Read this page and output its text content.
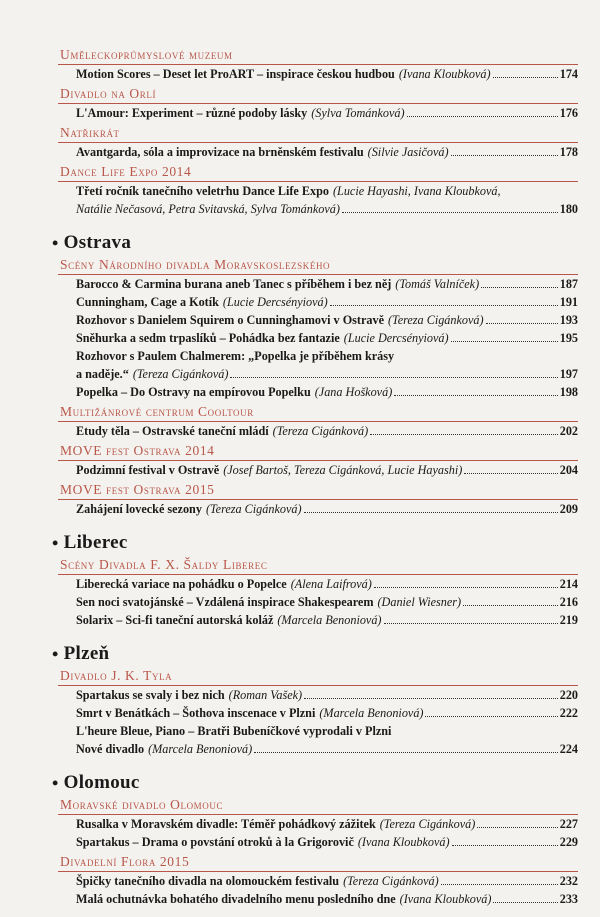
Uměleckoprůmyslové muzeum
Motion Scores – Deset let ProART – inspirace českou hudbou (Ivana Kloubková)	174
Divadlo na Orlí
L'Amour: Experiment – různé podoby lásky (Sylva Tománková)	176
Natřikrát
Avantgarda, sóla a improvizace na brněnském festivalu (Silvie Jasičová)	178
Dance Life Expo 2014
Třetí ročník tanečního veletrhu Dance Life Expo (Lucie Hayashi, Ivana Kloubková,
Natálie Nečasová, Petra Svitavská, Sylva Tománková)	180
• Ostrava
Scény Národního divadla Moravskoslezského
Barocco & Carmina burana aneb Tanec s příběhem i bez něj (Tomáš Valníček)	187
Cunningham, Cage a Kotík (Lucie Dercsényiová)	191
Rozhovor s Danielem Squirem o Cunninghamovi v Ostravě (Tereza Cigánková)	193
Sněhurka a sedm trpaslíků – Pohádka bez fantazie (Lucie Dercsényiová)	195
Rozhovor s Paulem Chalmerem: „Popelka je příběhem krásy
a naděje.“ (Tereza Cigánková)	197
Popelka – Do Ostravy na empírovou Popelku (Jana Hošková)	198
Multižánrové centrum Cooltour
Etudy těla – Ostravské taneční mládí (Tereza Cigánková)	202
MOVE fest Ostrava 2014
Podzimní festival v Ostravě (Josef Bartoš, Tereza Cigánková, Lucie Hayashi)	204
MOVE fest Ostrava 2015
Zahájení lovecké sezony (Tereza Cigánková)	209
• Liberec
Scény Divadla F. X. Šaldy Liberec
Liberecká variace na pohádku o Popelce (Alena Laifrová)	214
Sen noci svatojánské – Vzdálená inspirace Shakespearem (Daniel Wiesner)	216
Solarix – Sci-fi taneční autorská koláž (Marcela Benoniová)	219
• Plzeň
Divadlo J. K. Tyla
Spartakus se svaly i bez nich (Roman Vašek)	220
Smrt v Benátkách – Šothova inscenace v Plzni (Marcela Benoniová)	222
L'heure Bleue, Piano – Bratři Bubeníčkové vyprodali v Plzni
Nové divadlo (Marcela Benoniová)	224
• Olomouc
Moravské divadlo Olomouc
Rusalka v Moravském divadle: Téměř pohádkový zážitek (Tereza Cigánková)	227
Spartakus – Drama o povstání otroků à la Grigorovič (Ivana Kloubková)	229
Divadelní Flora 2015
Špičky tanečního divadla na olomouckém festivalu (Tereza Cigánková)	232
Malá ochutnávka bohatého divadelního menu posledního dne (Ivana Kloubková)	233
